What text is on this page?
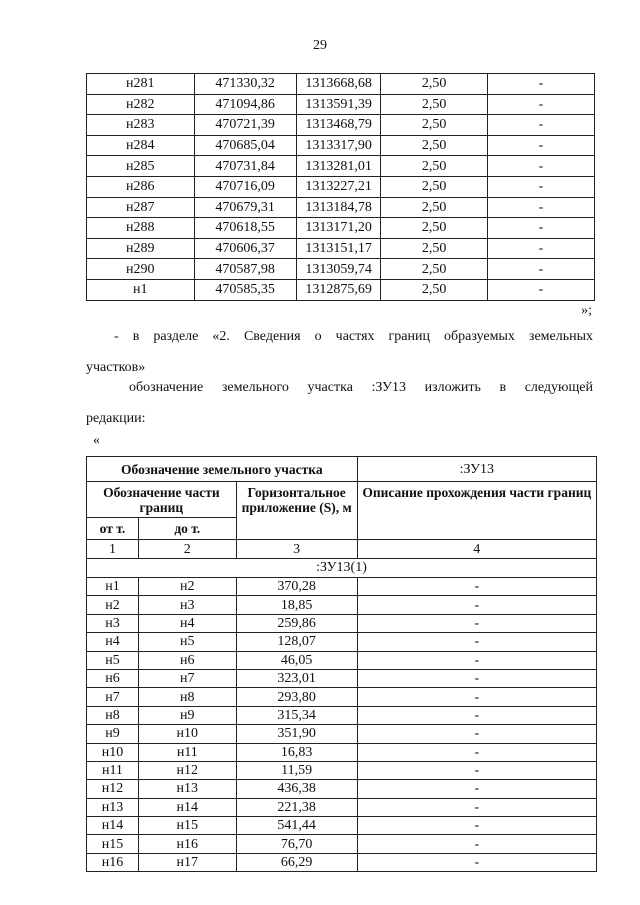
29
н281	471330,32	1313668,68	2,50	-
н282	471094,86	1313591,39	2,50	-
н283	470721,39	1313468,79	2,50	-
н284	470685,04	1313317,90	2,50	-
н285	470731,84	1313281,01	2,50	-
н286	470716,09	1313227,21	2,50	-
н287	470679,31	1313184,78	2,50	-
н288	470618,55	1313171,20	2,50	-
н289	470606,37	1313151,17	2,50	-
н290	470587,98	1313059,74	2,50	-
н1	470585,35	1312875,69	2,50	-
»;
- в разделе «2. Сведения о частях границ образуемых земельных
участков»
обозначение земельного участка :ЗУ13 изложить в следующей
редакции:
«
Обозначение земельного участка			:ЗУ13
Обозначение части границ		Горизонтальное приложение (S), м	Описание прохождения части границ
от т.	до т.		
1	2	3	4
:ЗУ13(1)			
н1	н2	370,28	-
н2	н3	18,85	-
н3	н4	259,86	-
н4	н5	128,07	-
н5	н6	46,05	-
н6	н7	323,01	-
н7	н8	293,80	-
н8	н9	315,34	-
н9	н10	351,90	-
н10	н11	16,83	-
н11	н12	11,59	-
н12	н13	436,38	-
н13	н14	221,38	-
н14	н15	541,44	-
н15	н16	76,70	-
н16	н17	66,29	-
